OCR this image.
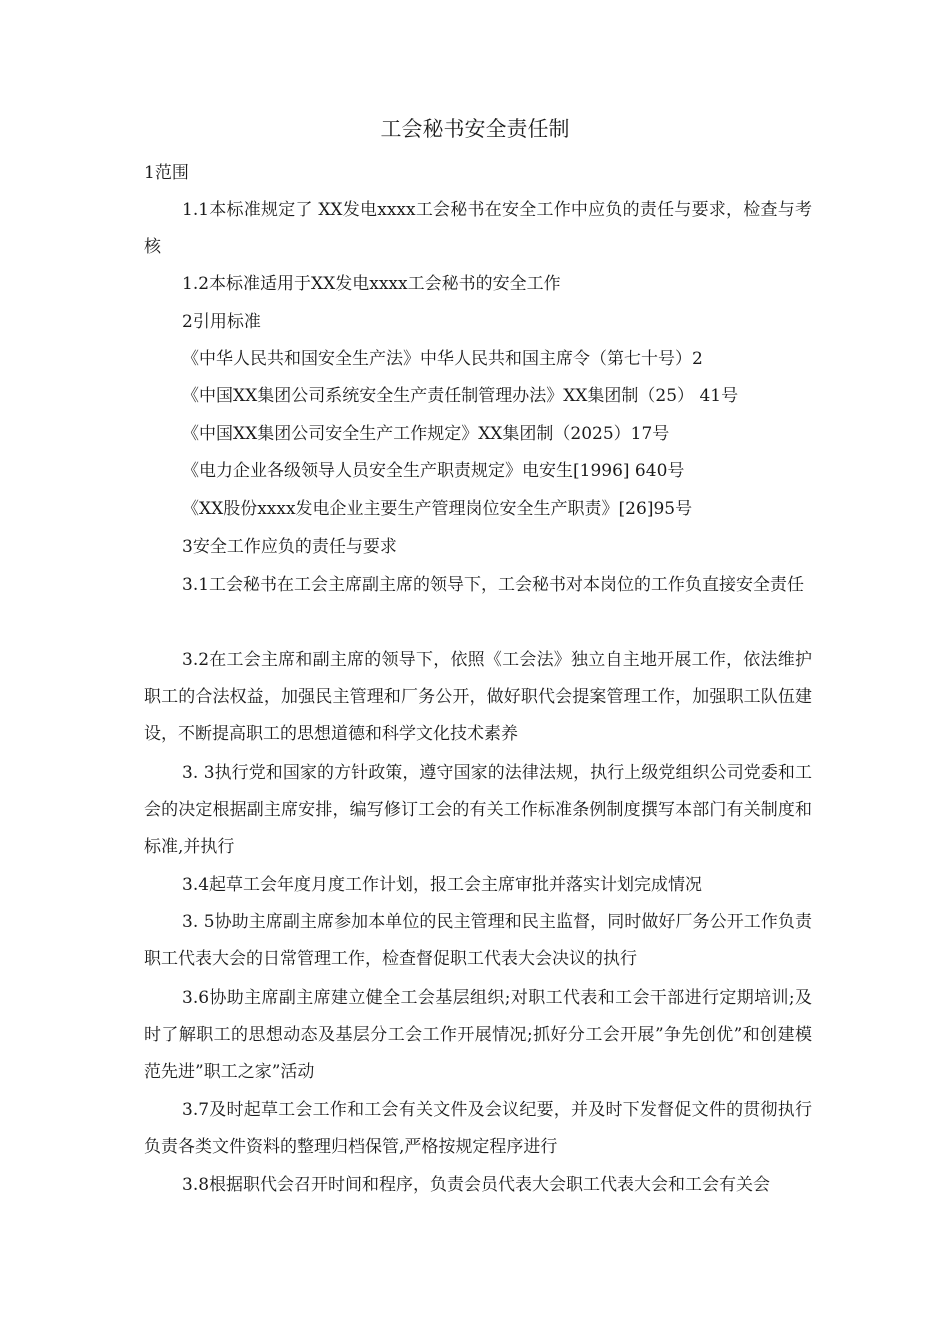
工会秘书安全责任制
1范围
1.1本标准规定了 XX发电xxxx工会秘书在安全工作中应负的责任与要求，检查与考核
1.2本标准适用于XX发电xxxx工会秘书的安全工作
2引用标准
《中华人民共和国安全生产法》中华人民共和国主席令（第七十号）2
《中国XX集团公司系统安全生产责任制管理办法》XX集团制（25） 41号
《中国XX集团公司安全生产工作规定》XX集团制（2025）17号
《电力企业各级领导人员安全生产职责规定》电安生[1996] 640号
《XX股份xxxx发电企业主要生产管理岗位安全生产职责》[26]95号
3安全工作应负的责任与要求
3.1工会秘书在工会主席副主席的领导下，工会秘书对本岗位的工作负直接安全责任
3.2在工会主席和副主席的领导下，依照《工会法》独立自主地开展工作，依法维护职工的合法权益，加强民主管理和厂务公开，做好职代会提案管理工作，加强职工队伍建设，不断提高职工的思想道德和科学文化技术素养
3. 3执行党和国家的方针政策，遵守国家的法律法规，执行上级党组织公司党委和工会的决定根据副主席安排，编写修订工会的有关工作标准条例制度撰写本部门有关制度和标准,并执行
3.4起草工会年度月度工作计划，报工会主席审批并落实计划完成情况
3. 5协助主席副主席参加本单位的民主管理和民主监督，同时做好厂务公开工作负责职工代表大会的日常管理工作，检查督促职工代表大会决议的执行
3.6协助主席副主席建立健全工会基层组织;对职工代表和工会干部进行定期培训;及时了解职工的思想动态及基层分工会工作开展情况;抓好分工会开展”争先创优”和创建模范先进”职工之家”活动
3.7及时起草工会工作和工会有关文件及会议纪要，并及时下发督促文件的贯彻执行负责各类文件资料的整理归档保管,严格按规定程序进行
3.8根据职代会召开时间和程序，负责会员代表大会职工代表大会和工会有关会
